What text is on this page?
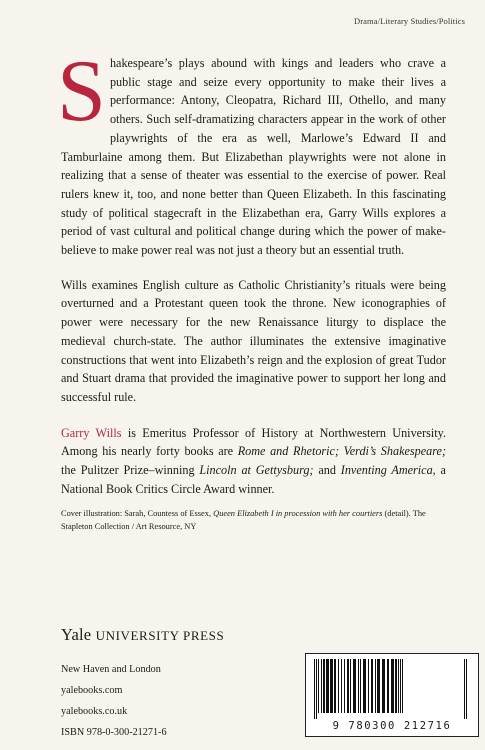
Drama/Literary Studies/Politics

Shakespeare’s plays abound with kings and leaders who crave a public stage and seize every opportunity to make their lives a performance: Antony, Cleopatra, Richard III, Othello, and many others. Such self-dramatizing characters appear in the work of other playwrights of the era as well, Marlowe’s Edward II and Tamburlaine among them. But Elizabethan playwrights were not alone in realizing that a sense of theater was essential to the exercise of power. Real rulers knew it, too, and none better than Queen Elizabeth. In this fascinating study of political stagecraft in the Elizabethan era, Garry Wills explores a period of vast cultural and political change during which the power of make-believe to make power real was not just a theory but an essential truth.

Wills examines English culture as Catholic Christianity’s rituals were being overturned and a Protestant queen took the throne. New iconographies of power were necessary for the new Renaissance liturgy to displace the medieval church-state. The author illuminates the extensive imaginative constructions that went into Elizabeth’s reign and the explosion of great Tudor and Stuart drama that provided the imaginative power to support her long and successful rule.

Garry Wills is Emeritus Professor of History at Northwestern University. Among his nearly forty books are Rome and Rhetoric; Verdi’s Shakespeare; the Pulitzer Prize–winning Lincoln at Gettysburg; and Inventing America, a National Book Critics Circle Award winner.

Cover illustration: Sarah, Countess of Essex, Queen Elizabeth I in procession with her courtiers (detail). The Stapleton Collection / Art Resource, NY

Yale UNIVERSITY PRESS
New Haven and London
yalebooks.com
yalebooks.co.uk
ISBN 978-0-300-21271-6
9 780300 212716
